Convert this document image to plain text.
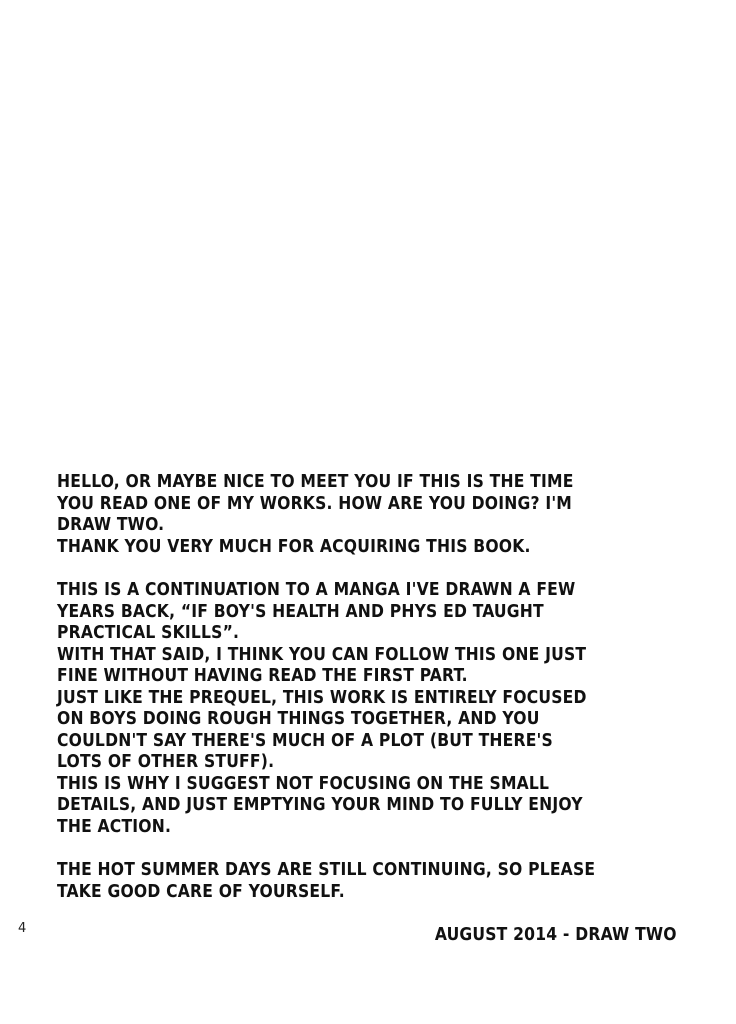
HELLO, OR MAYBE NICE TO MEET YOU IF THIS IS THE TIME
YOU READ ONE OF MY WORKS. HOW ARE YOU DOING? I'M
DRAW TWO.
THANK YOU VERY MUCH FOR ACQUIRING THIS BOOK.
THIS IS A CONTINUATION TO A MANGA I'VE DRAWN A FEW
YEARS BACK, “IF BOY'S HEALTH AND PHYS ED TAUGHT
PRACTICAL SKILLS”.
WITH THAT SAID, I THINK YOU CAN FOLLOW THIS ONE JUST
FINE WITHOUT HAVING READ THE FIRST PART.
JUST LIKE THE PREQUEL, THIS WORK IS ENTIRELY FOCUSED
ON BOYS DOING ROUGH THINGS TOGETHER, AND YOU
COULDN'T SAY THERE'S MUCH OF A PLOT (BUT THERE'S
LOTS OF OTHER STUFF).
THIS IS WHY I SUGGEST NOT FOCUSING ON THE SMALL
DETAILS, AND JUST EMPTYING YOUR MIND TO FULLY ENJOY
THE ACTION.
THE HOT SUMMER DAYS ARE STILL CONTINUING, SO PLEASE
TAKE GOOD CARE OF YOURSELF.
AUGUST 2014 - DRAW TWO
4
